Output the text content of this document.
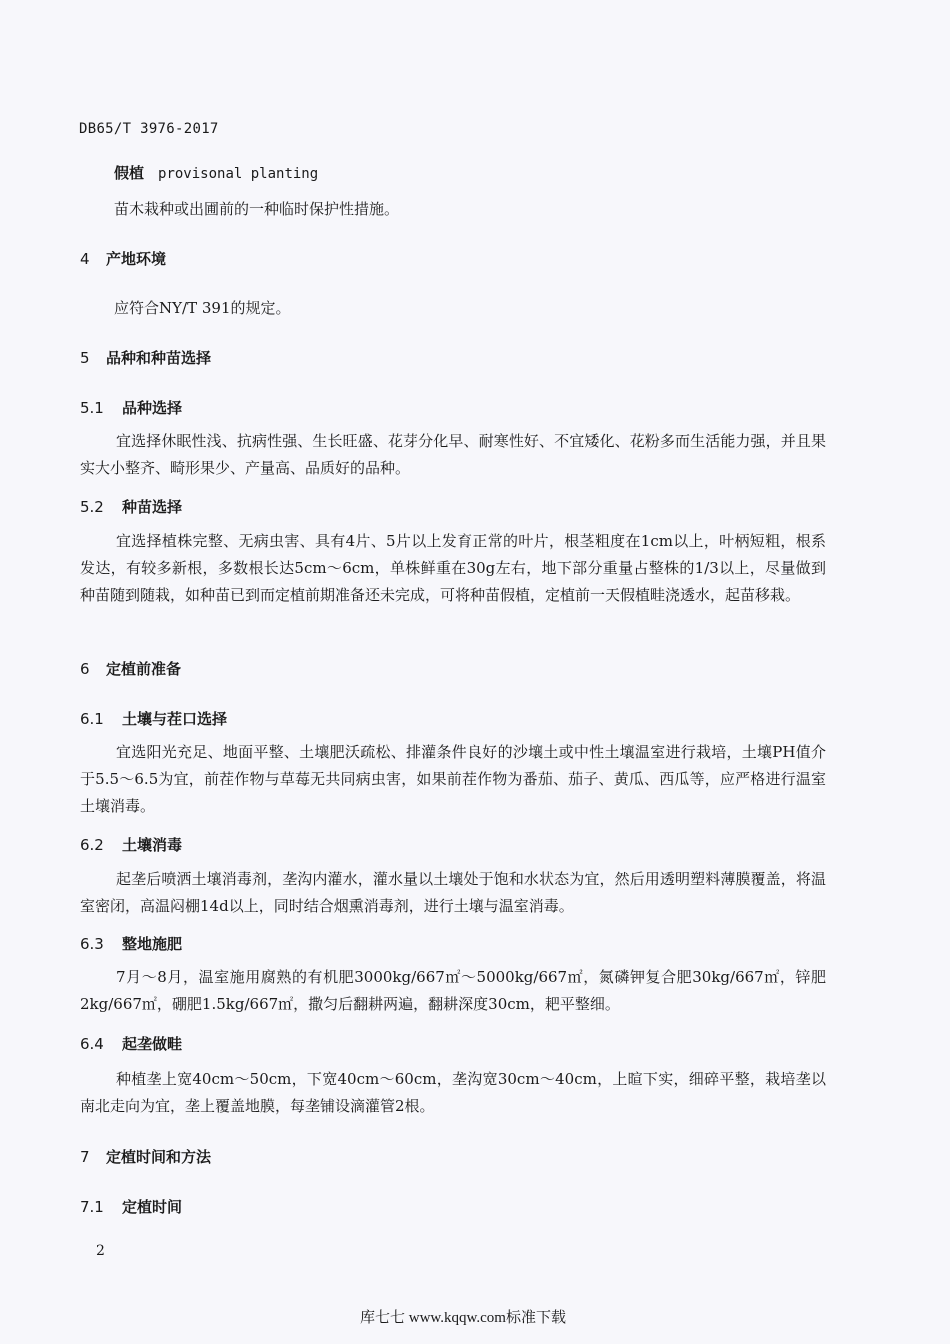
DB65/T 3976-2017
假植 provisonal planting
苗木栽种或出圃前的一种临时保护性措施。
4 产地环境
应符合NY/T 391的规定。
5 品种和种苗选择
5.1 品种选择
宜选择休眠性浅、抗病性强、生长旺盛、花芽分化早、耐寒性好、不宜矮化、花粉多而生活能力强，并且果实大小整齐、畸形果少、产量高、品质好的品种。
5.2 种苗选择
宜选择植株完整、无病虫害、具有4片、5片以上发育正常的叶片，根茎粗度在1cm以上，叶柄短粗，根系发达，有较多新根，多数根长达5cm～6cm，单株鲜重在30g左右，地下部分重量占整株的1/3以上，尽量做到种苗随到随栽，如种苗已到而定植前期准备还未完成，可将种苗假植，定植前一天假植畦浇透水，起苗移栽。
6 定植前准备
6.1 土壤与茬口选择
宜选阳光充足、地面平整、土壤肥沃疏松、排灌条件良好的沙壤土或中性土壤温室进行栽培，土壤PH值介于5.5～6.5为宜，前茬作物与草莓无共同病虫害，如果前茬作物为番茄、茄子、黄瓜、西瓜等，应严格进行温室土壤消毒。
6.2 土壤消毒
起垄后喷洒土壤消毒剂，垄沟内灌水，灌水量以土壤处于饱和水状态为宜，然后用透明塑料薄膜覆盖，将温室密闭，高温闷棚14d以上，同时结合烟熏消毒剂，进行土壤与温室消毒。
6.3 整地施肥
7月～8月，温室施用腐熟的有机肥3000kg/667㎡～5000kg/667㎡，氮磷钾复合肥30kg/667㎡，锌肥2kg/667㎡，硼肥1.5kg/667㎡，撒匀后翻耕两遍，翻耕深度30cm，耙平整细。
6.4 起垄做畦
种植垄上宽40cm～50cm，下宽40cm～60cm，垄沟宽30cm～40cm，上暄下实，细碎平整，栽培垄以南北走向为宜，垄上覆盖地膜，每垄铺设滴灌管2根。
7 定植时间和方法
7.1 定植时间
2
库七七 www.kqqw.com标准下载
